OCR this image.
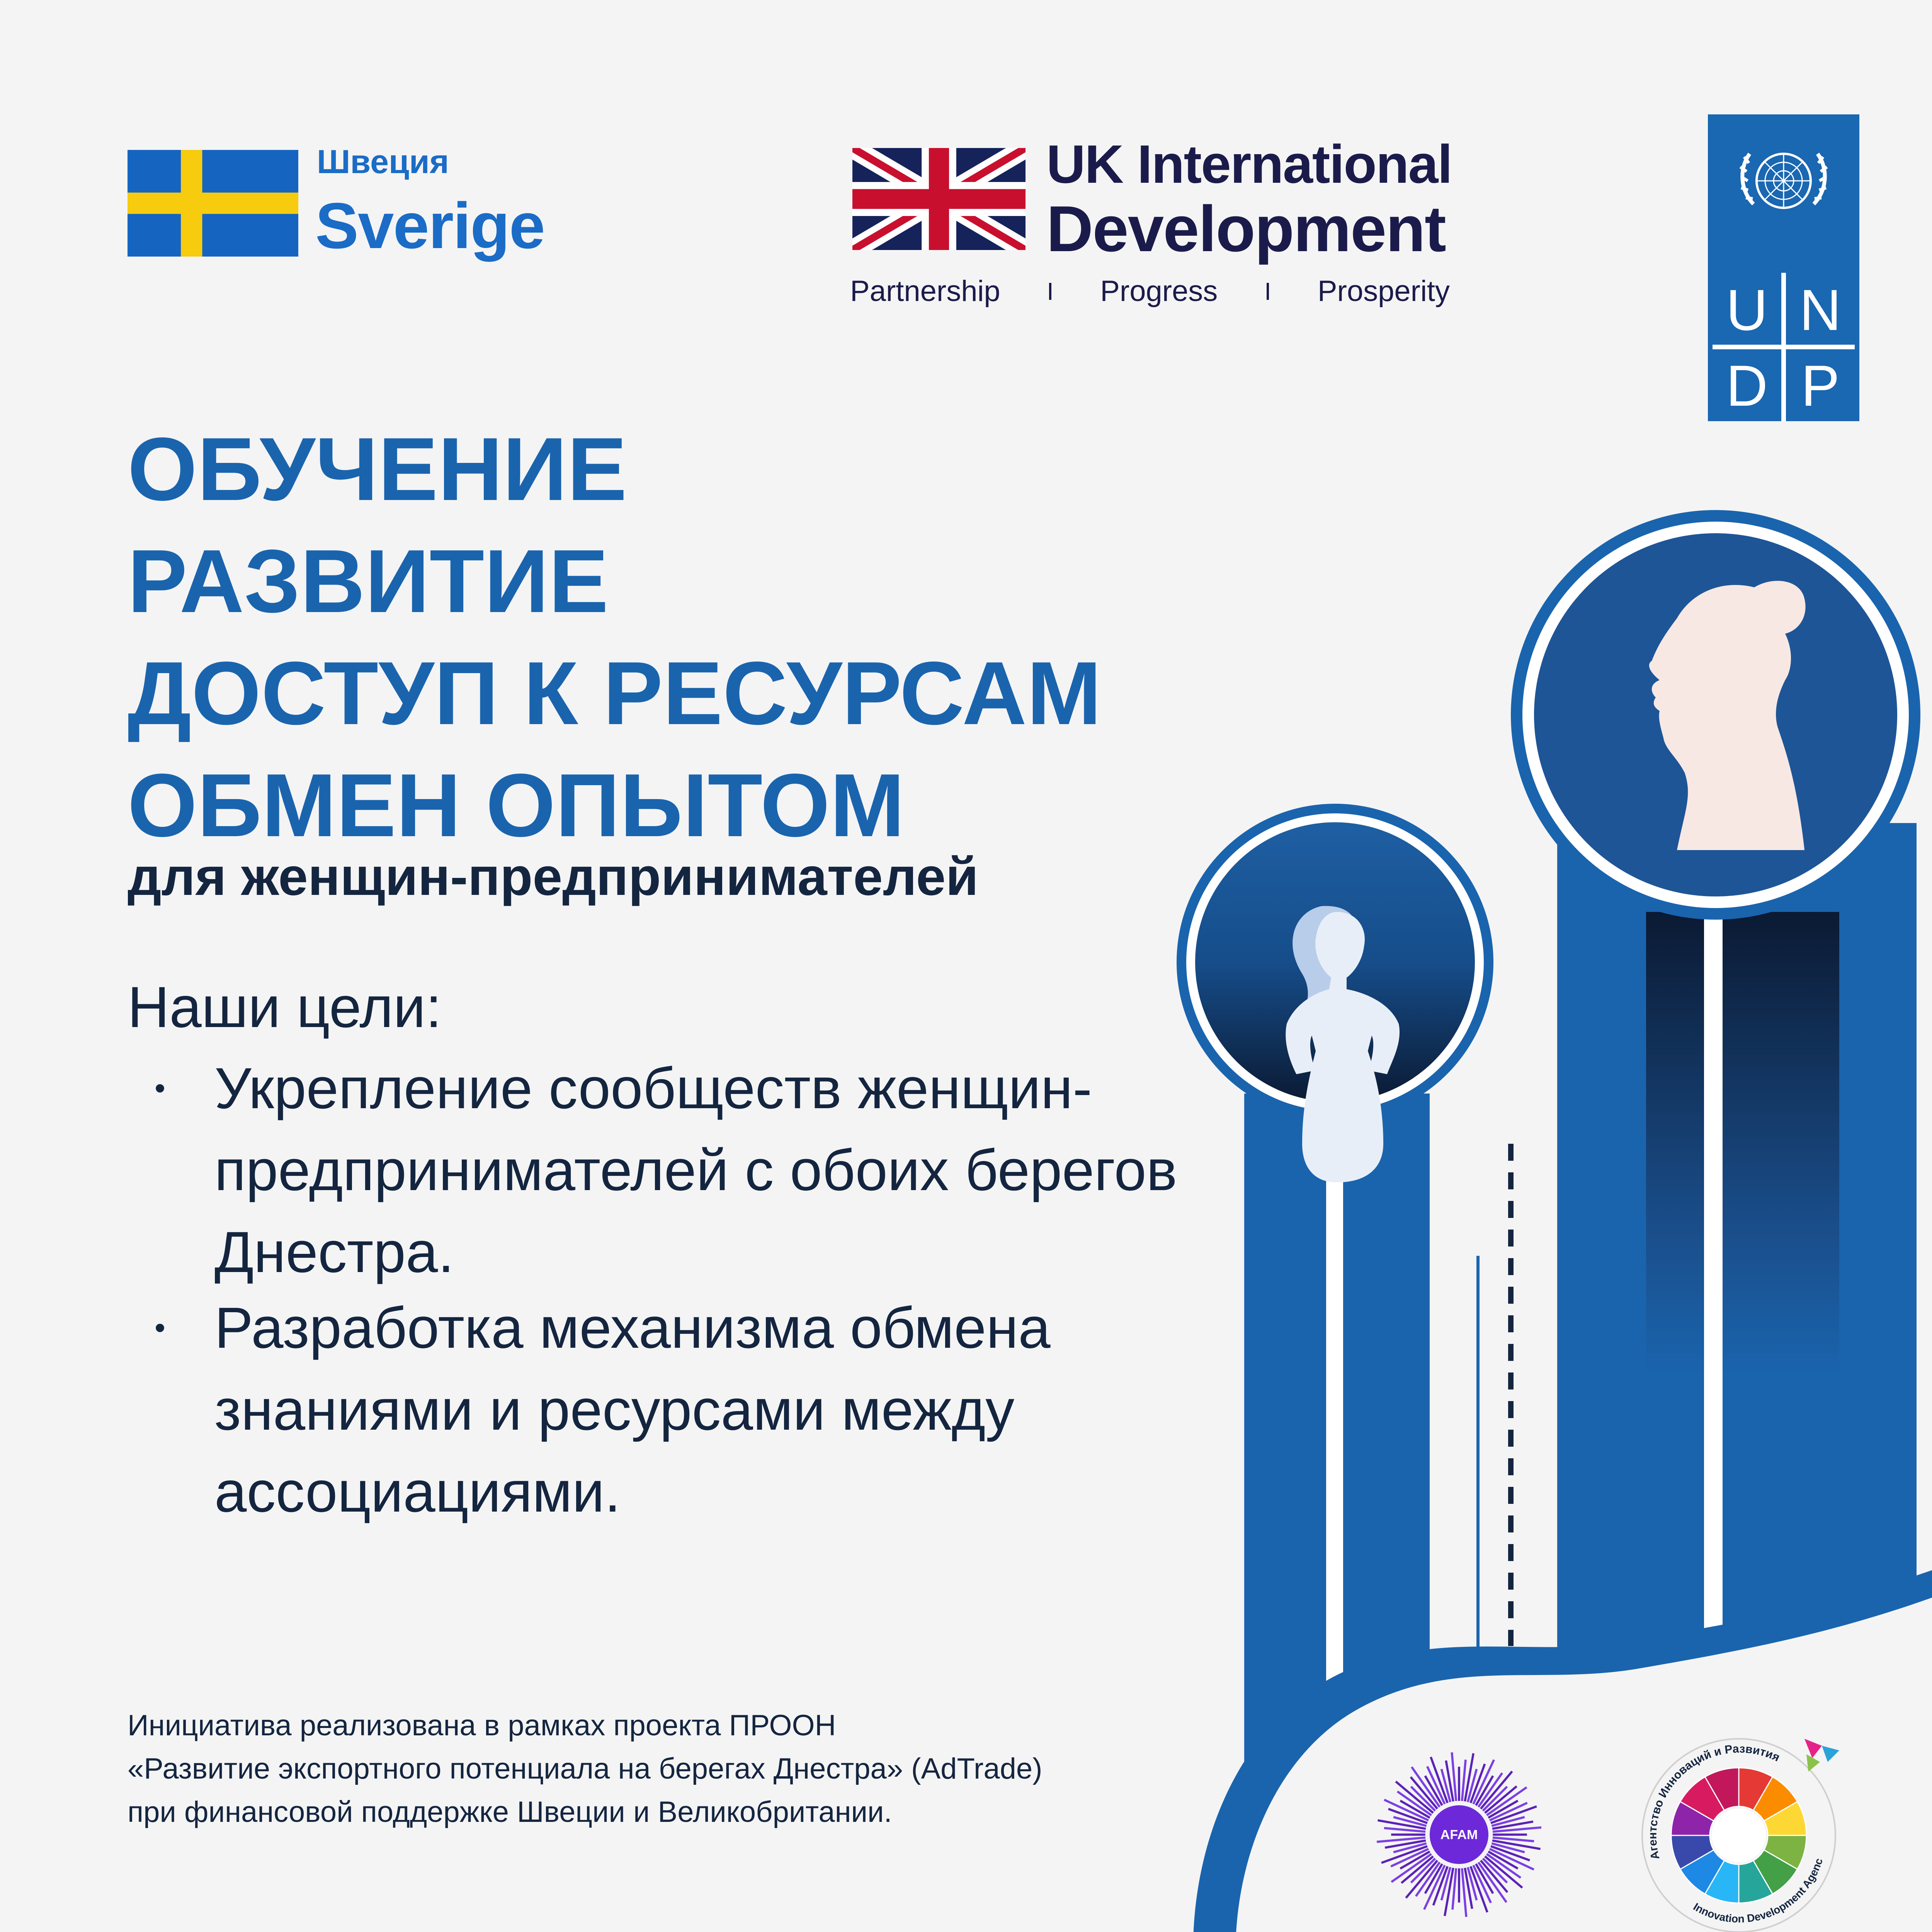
Швеция
Sverige
UK International
Development
Partnership	Progress	Prosperity	U N
D P
ОБУЧЕНИЕ
РАЗВИТИЕ
ДОСТУП К РЕСУРСАМ
ОБМЕН ОПЫТОМ
для женщин-предпринимателей
Наши цели:
• Укрепление сообществ женщин-предпринимателей с обоих берегов Днестра.
• Разработка механизма обмена знаниями и ресурсами между ассоциациями.
Инициатива реализована в рамках проекта ПРООН
«Развитие экспортного потенциала на берегах Днестра» (AdTrade)
при финансовой поддержке Швеции и Великобритании.
AFAM
Агентство Инноваций и Развития
Innovation Development Agenc
